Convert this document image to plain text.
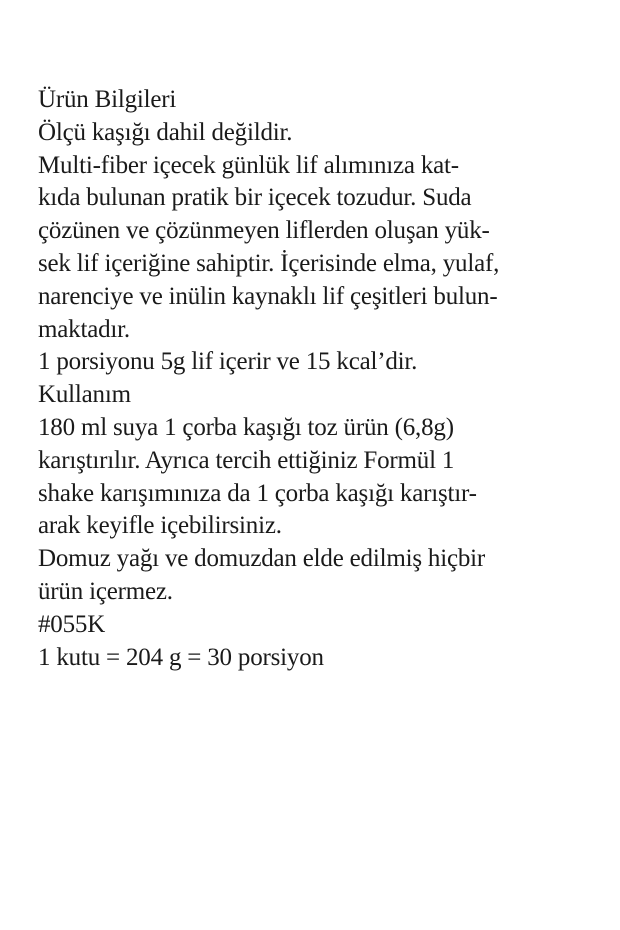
Ürün Bilgileri
Ölçü kaşığı dahil değildir.
Multi-fiber içecek günlük lif alımınıza kat-
kıda bulunan pratik bir içecek tozudur. Suda
çözünen ve çözünmeyen liflerden oluşan yük-
sek lif içeriğine sahiptir. İçerisinde elma, yulaf,
narenciye ve inülin kaynaklı lif çeşitleri bulun-
maktadır.
1 porsiyonu 5g lif içerir ve 15 kcal’dir.
Kullanım
180 ml suya 1 çorba kaşığı toz ürün (6,8g)
karıştırılır. Ayrıca tercih ettiğiniz Formül 1
shake karışımınıza da 1 çorba kaşığı karıştır-
arak keyifle içebilirsiniz.
Domuz yağı ve domuzdan elde edilmiş hiçbir
ürün içermez.
#055K
1 kutu = 204 g = 30 porsiyon
